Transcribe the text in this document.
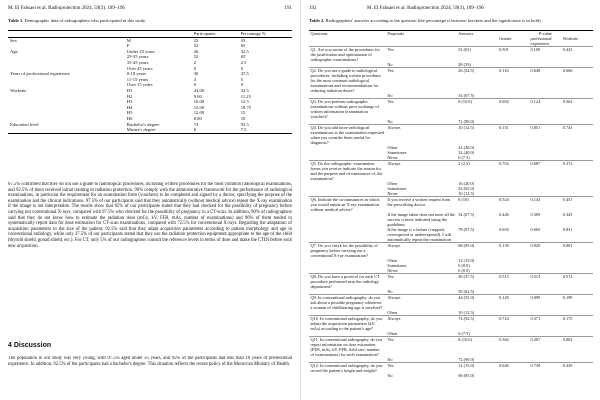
M. El Fahsaei et al. Radioprotection 2024, 59(3), 189–196	191
Table 1. Demographic data of radiographers who participated in this study.
		Participants	Percentage %
Sex	M	25	35
	F	52	65
Age	Under 25 years	26	32.5
	25-35 years	52	65
	35-45 years	2	2.5
	Over 45 years	0	0
Years of professional experience	0-10 years	30	37.5
	11-15 years	4	5
	Over 15 years	0	0
Worksite	H1	24.00	32.5
	H2	9.00	11.25
	H3	10.00	12.5
	H4	15.00	18.75
	H5	12.00	15
	H6	8.00	10
Education level	Bachelor's degree	74	92.5
	Master's degree	6	7.5
67.5% confirmed that they do not use a guide to radiological procedures, including written procedures for the most common radiological examinations, and 92.5% of them received initial training in radiation protection. 90% comply with the administrative framework for the performance of radiological examinations, in particular the requirement for an examination form (vouchers) to be completed and signed by a doctor, specifying the purpose of the examination and the clinical indications. 97.5% of our participants said that they automatically (without medical advice) repeat the X-ray examination if the image is not interpretable. The results show that 85% of our participants stated that they had checked for the possibility of pregnancy before carrying out conventional X-rays, compared with 97.5% who checked for the possibility of pregnancy in a CT-scan. In addition, 90% of radiographers said that they do not know how to estimate the radiation dose (mGy, kV, FFB, mAs, number of examinations) and 96% of them tended to systematically report data for dose estimation for CT-scan examinations, compared with 72.5% for conventional X-rays. Regarding the adaptation of acquisition parameters to the size of the patient, 92.5% said that they adapt acquisition parameters according to patient morphology and age in conventional radiology, while only 37.5% of our participants stated that they use the radiation protection equipment appropriate to the age of the child (thyroid shield, gonad shield, etc.). For CT, only 5% of our radiographers consult the reference levels in terms of dose and make the CTDI before each new acquisition.
4 Discussion
The population in our study was very young, with 97.5% aged under 35 years, and 95% of the participants had less than 10 years of professional experience. In addition, 92.5% of the participants had a bachelor's degree. This situation reflects the recent policy of the Moroccan Ministry of Health.
192	M. El Fahsaei et al. Radioprotection 2024, 59(3), 189–196
Table 2. Radiographers' answers according to the question (the percentage is between brackets and the significance is in bold).
Questions	Proposals	Answers	P-value		
			Gender	professional experience	Worksite
Q1. Are you aware of the procedures for the justification and optimisation of radiographic examinations?	Yes	52 (65)	0.501	0.109	0.441
	No	28 (35)			
Q2. Do you use a guide to radiological procedures, including written procedures for the most common radiological examinations and recommendations for reducing radiation doses?	Yes	26 (32.5)	0.116	0.648	0.666
	No	54 (67.5)			
Q3. Do you perform radiographic examinations without prior exchange of written information (examination voucher)?	Yes	8 (10.0)	0.602	0.124	0.562
	No	72 (90.0)			
Q4. Do you add more radiological examinations to the examination requested when you consider them useful for diagnosis?	Always	10 (12.5)	0.151	0.851	0.743
	Often	32 (40.0)			
	Sometimes	32 (40.0)			
	Never	6 (7.5)			
Q5. Do the radiographic examination forms you receive indicate the reason for, and the purpose and circumstances of, the examination?	Always	2 (2.5)	0.702	0.687	0.372
	Often	16 (20.0)			
	Sometimes	52 (65.0)			
	Never	10 (12.5)			
Q6. Indicate the circumstances in which you would repeat an X-ray examination without medical advice?	If you receive a written request from the prescribing doctor	8 (10)	0.524	0.143	0.451
	If the image taken does not meet all the success criteria indicated using the guidelines	54 (67.5)	0.446	0.309	0.345
	If the image is a failure (cropped, overexposed or underexposed), I will automatically repeat the examination	78 (97.5)	0.650	0.665	0.831
Q7. Do you check for the possibility of pregnancy before carrying out a conventional X-ray examination?	Always	68 (85.0)	0.139	0.820	0.001
	Often	12 (15.0)			
	Sometimes	0 (0.0)			
	Never	0 (0.0)			
Q8. Do you have a protocol for each CT procedure performed near the radiology department?	Yes	30 (37.5)	0.515	0.513	0.513
	No	50 (62.5)			
Q9. In conventional radiography, do you ask about a possible pregnancy whenever a woman of childbearing age is involved?	Always	44 (55.0)	0.120	0.899	0.199
	Often	10 (12.5)			
Q10. In conventional radiography, do you adjust the acquisition parameters (kV, mAs) according to the patient's age?	Always	74 (92.5)	0.724	0.371	0.175
	Often	6 (7.5)			
Q11. In conventional radiography, do you report information on dose estimation (FDS, mAs, kV, FFB, field size, number of examinations) for each examination?	Yes	8 (10.0)	0.562	0.207	0.002
	No	72 (90.0)			
Q12. In conventional radiography, do you record the patient's height and weight?	Yes	12 (15.0)	0.646	0.739	0.449
	No	68 (85.0)			
